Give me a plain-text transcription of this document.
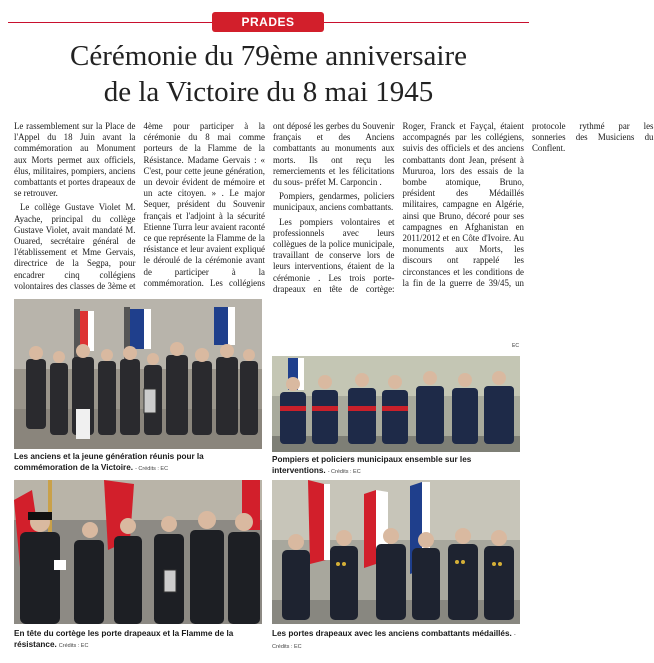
PRADES
Cérémonie du 79ème anniversaire
de la Victoire du 8 mai 1945

Le rassemblement sur la Place de l'Appel du 18 Juin avant la commémoration au Monument aux Morts permet aux officiels, élus, militaires, pompiers, anciens combattants et portes drapeaux de se retrouver.

Le collège Gustave Violet M. Ayache, principal du collège Gustave Violet, avait mandaté M. Ouared, secrétaire général de l'établissement et Mme Gervais, directrice de la Segpa, pour encadrer cinq collégiens volontaires des classes de 3ème et 4ème pour participer à la cérémonie du 8 mai comme porteurs de la Flamme de la Résistance. Madame Gervais : « C'est, pour cette jeune génération, un devoir évident de mémoire et un acte citoyen. » . Le major Sequer, président du Souvenir français et l'adjoint à la sécurité Etienne Turra leur avaient raconté ce que représente la Flamme de la résistance et leur avaient expliqué le déroulé de la cérémonie avant de participer à la commémoration. Les collégiens ont déposé les gerbes du Souvenir français et des Anciens combattants au monuments aux morts. Ils ont reçu les remerciements et les félicitations du sous- préfet M. Carponcin .

Pompiers, gendarmes, policiers municipaux, anciens combattants.

Les pompiers volontaires et professionnels avec leurs collègues de la police municipale, travaillant de conserve lors de leurs interventions, étaient de la cérémonie . Les trois porte-drapeaux en tête de cortège: Roger, Franck et Fayçal, étaient accompagnés par les collégiens, suivis des officiels et des anciens combattants dont Jean, présent à Mururoa, lors des essais de la bombe atomique, Bruno, président des Médaillés militaires, campagne en Algérie, ainsi que Bruno, décoré pour ses campagnes en Afghanistan en 2011/2012 et en Côte d'Ivoire. Au monuments aux Morts, les discours ont rappelé les circonstances et les conditions de la fin de la guerre de 39/45, un protocole rythmé par les sonneries des Musiciens du Conflent.

EC
Les anciens et la jeune génération réunis pour la commémoration de la Victoire. - Crédits : EC
Pompiers et policiers municipaux ensemble sur les interventions. - Crédits : EC
En tête du cortège les porte drapeaux et la Flamme de la résistance. Crédits : EC
Les portes drapeaux avec les anciens combattants médaillés. - Crédits : EC
